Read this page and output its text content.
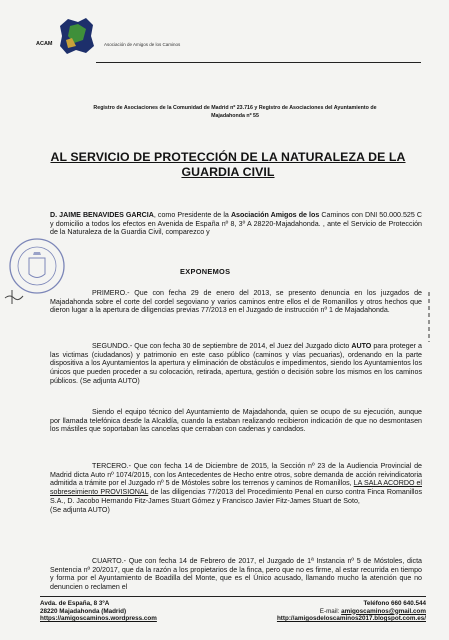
ACAM	Asociación de Amigos de los Caminos
Registro de Asociaciones de la Comunidad de Madrid nº 23.716 y Registro de Asociaciones del Ayuntamiento de
Majadahonda nº 55
AL SERVICIO DE PROTECCIÓN DE LA NATURALEZA DE LA
GUARDIA CIVIL
D. JAIME BENAVIDES GARCIA, como Presidente de la Asociación Amigos de los Caminos con DNI 50.000.525 C y domicilio a todos los efectos en Avenida de España nº 8, 3º A 28220-Majadahonda. , ante el Servicio de Protección de la Naturaleza de la Guardia Civil, comparezco y
EXPONEMOS
PRIMERO.- Que con fecha 29 de enero del 2013, se presento denuncia en los juzgados de Majadahonda sobre el corte del cordel segoviano y varios caminos entre ellos el de Romanillos y otros hechos que dieron lugar a la apertura de diligencias previas 77/2013 en el Juzgado de instrucción nº 1 de Majadahonda.
SEGUNDO.- Que con fecha 30 de septiembre de 2014, el Juez del Juzgado dicto AUTO para proteger a las victimas (ciudadanos) y patrimonio en este caso público (caminos y vías pecuarias), ordenando en la parte dispositiva a los Ayuntamientos la apertura y eliminación de obstáculos e impedimentos, siendo los Ayuntamientos los únicos que pueden proceder a su colocación, retirada, apertura, gestión o decisión sobre los mismos en los caminos públicos. (Se adjunta AUTO)
Siendo el equipo técnico del Ayuntamiento de Majadahonda, quien se ocupo de su ejecución, aunque por llamada telefónica desde la Alcaldía, cuando la estaban realizando recibieron indicación de que no desmontasen los mástiles que soportaban las cancelas que cerraban con cadenas y candados.
TERCERO.- Que con fecha 14 de Diciembre de 2015, la Sección nº 23 de la Audiencia Provincial de Madrid dicta Auto nº 1074/2015, con los Antecedentes de Hecho entre otros, sobre demanda de acción reivindicatoria admitida a trámite por el Juzgado nº 5 de Móstoles sobre los terrenos y caminos de Romanillos, LA SALA ACORDO el sobreseimiento PROVISIONAL de las diligencias 77/2013 del Procedimiento Penal en curso contra Finca Romanillos S.A., D. Jacobo Hernando Fitz-James Stuart Gómez y Francisco Javier Fitz-James Stuart de Soto,
(Se adjunta AUTO)
CUARTO.- Que con fecha 14 de Febrero de 2017, el Juzgado de 1ª Instancia nº 5 de Móstoles, dicta Sentencia nº 20/2017, que da la razón a los propietarios de la finca, pero que no es firme, al estar recurrida en tiempo y forma por el Ayuntamiento de Boadilla del Monte, que es el Único acusado, llamando mucho la atención que no denuncien o reclamen el
Avda. de España, 8 3ºA
28220 Majadahonda (Madrid)
https://amigoscaminos.wordpress.com
Teléfono 660 640.544
E-mail: amigoscaminos@gmail.com
http://amigosdeloscaminos2017.blogspot.com.es/
